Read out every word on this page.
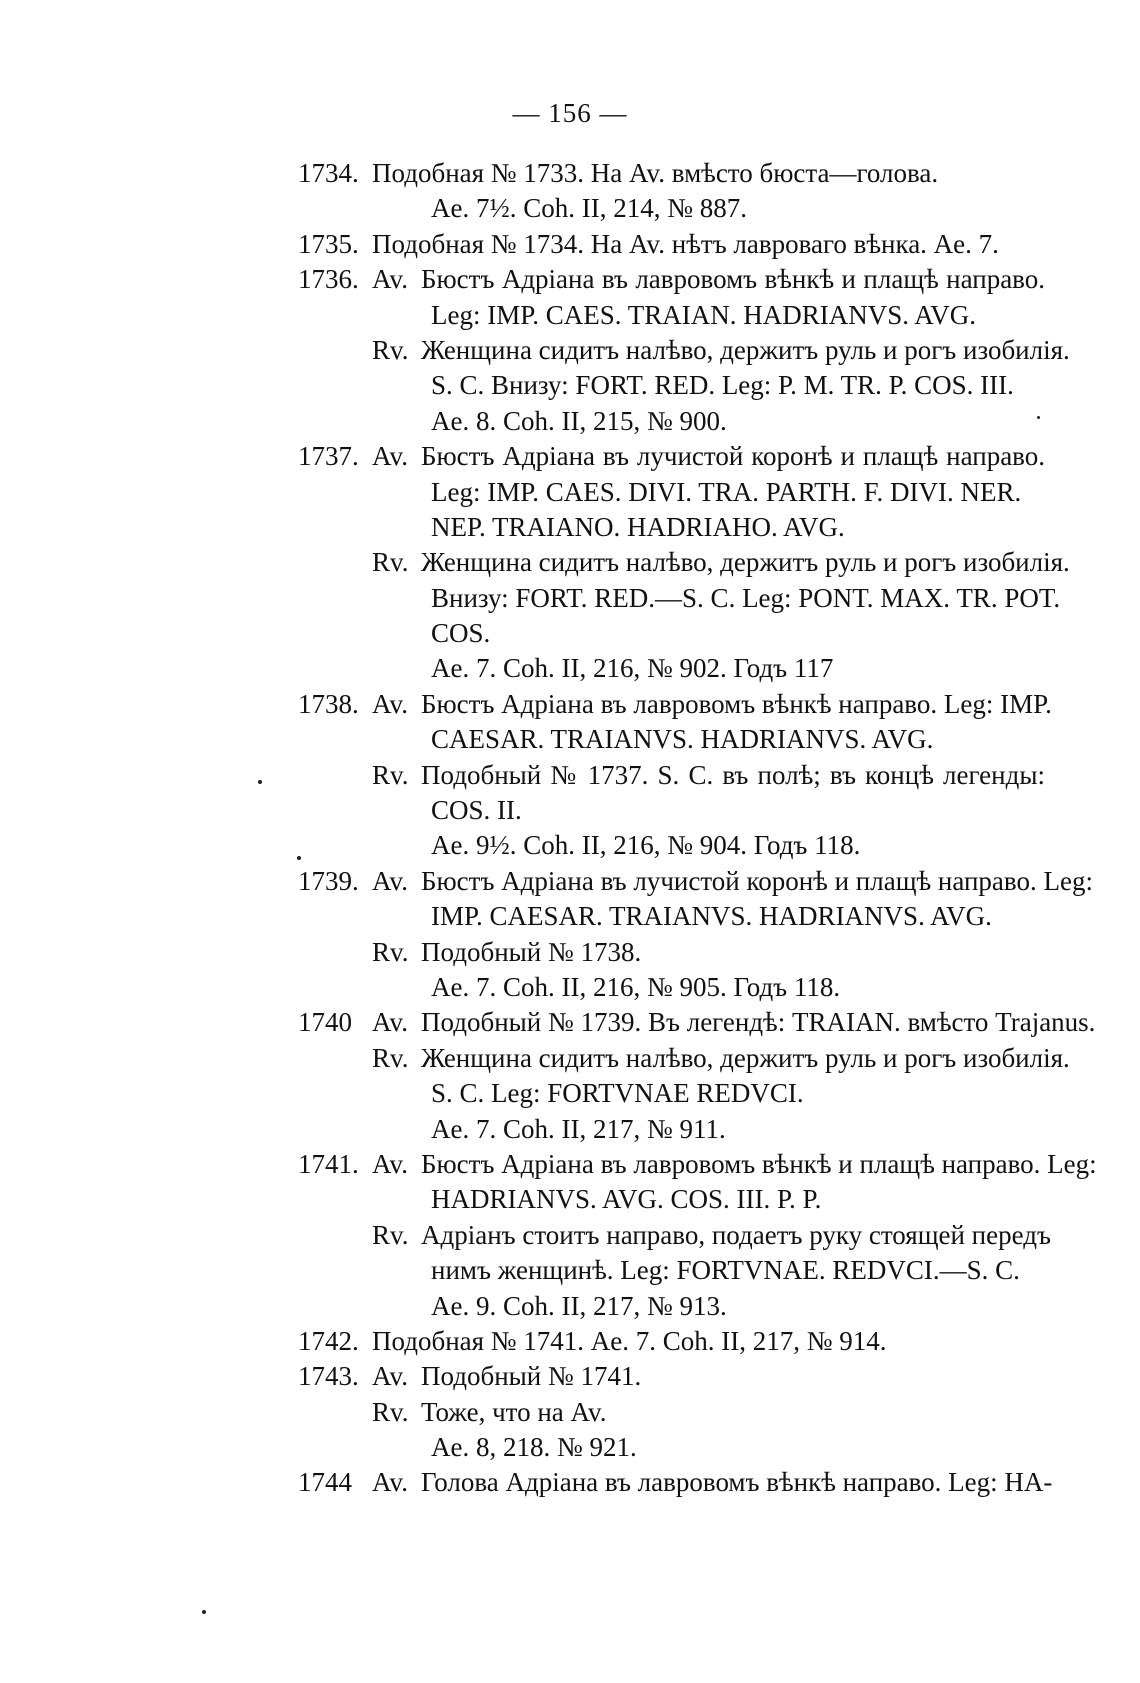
— 156 —
1734. Подобная № 1733. На Av. вмѣсто бюста—голова.
Ae. 7½. Coh. II, 214, № 887.
1735. Подобная № 1734. На Av. нѣтъ лавроваго вѣнка. Ae. 7.
1736. Av. Бюстъ Адріана въ лавровомъ вѣнкѣ и плащѣ направо.
Leg: IMP. CAES. TRAIAN. HADRIANVS. AVG.
Rv. Женщина сидитъ налѣво, держитъ руль и рогъ изобилія.
S. C. Внизу: FORT. RED. Leg: P. M. TR. P. COS. III.
Ae. 8. Coh. II, 215, № 900.
1737. Av. Бюстъ Адріана въ лучистой коронѣ и плащѣ направо.
Leg: IMP. CAES. DIVI. TRA. PARTH. F. DIVI. NER.
NEP. TRAIANO. HADRIAHO. AVG.
Rv. Женщина сидитъ налѣво, держитъ руль и рогъ изобилія.
Внизу: FORT. RED.—S. C. Leg: PONT. MAX. TR. POT.
COS.
Ae. 7. Coh. II, 216, № 902. Годъ 117
1738. Av. Бюстъ Адріана въ лавровомъ вѣнкѣ направо. Leg: IMP.
CAESAR. TRAIANVS. HADRIANVS. AVG.
Rv. Подобный № 1737. S. C. въ полѣ; въ концѣ легенды:
COS. II.
Ae. 9½. Coh. II, 216, № 904. Годъ 118.
1739. Av. Бюстъ Адріана въ лучистой коронѣ и плащѣ направо. Leg:
IMP. CAESAR. TRAIANVS. HADRIANVS. AVG.
Rv. Подобный № 1738.
Ae. 7. Coh. II, 216, № 905. Годъ 118.
1740 Av. Подобный № 1739. Въ легендѣ: TRAIAN. вмѣсто Trajanus.
Rv. Женщина сидитъ налѣво, держитъ руль и рогъ изобилія.
S. C. Leg: FORTVNAE REDVCI.
Ae. 7. Coh. II, 217, № 911.
1741. Av. Бюстъ Адріана въ лавровомъ вѣнкѣ и плащѣ направо. Leg:
HADRIANVS. AVG. COS. III. P. P.
Rv. Адріанъ стоитъ направо, подаетъ руку стоящей передъ
нимъ женщинѣ. Leg: FORTVNAE. REDVCI.—S. C.
Ae. 9. Coh. II, 217, № 913.
1742. Подобная № 1741. Ae. 7. Coh. II, 217, № 914.
1743. Av. Подобный № 1741.
Rv. Тоже, что на Av.
Ae. 8, 218. № 921.
1744 Av. Голова Адріана въ лавровомъ вѣнкѣ направо. Leg: HA-
